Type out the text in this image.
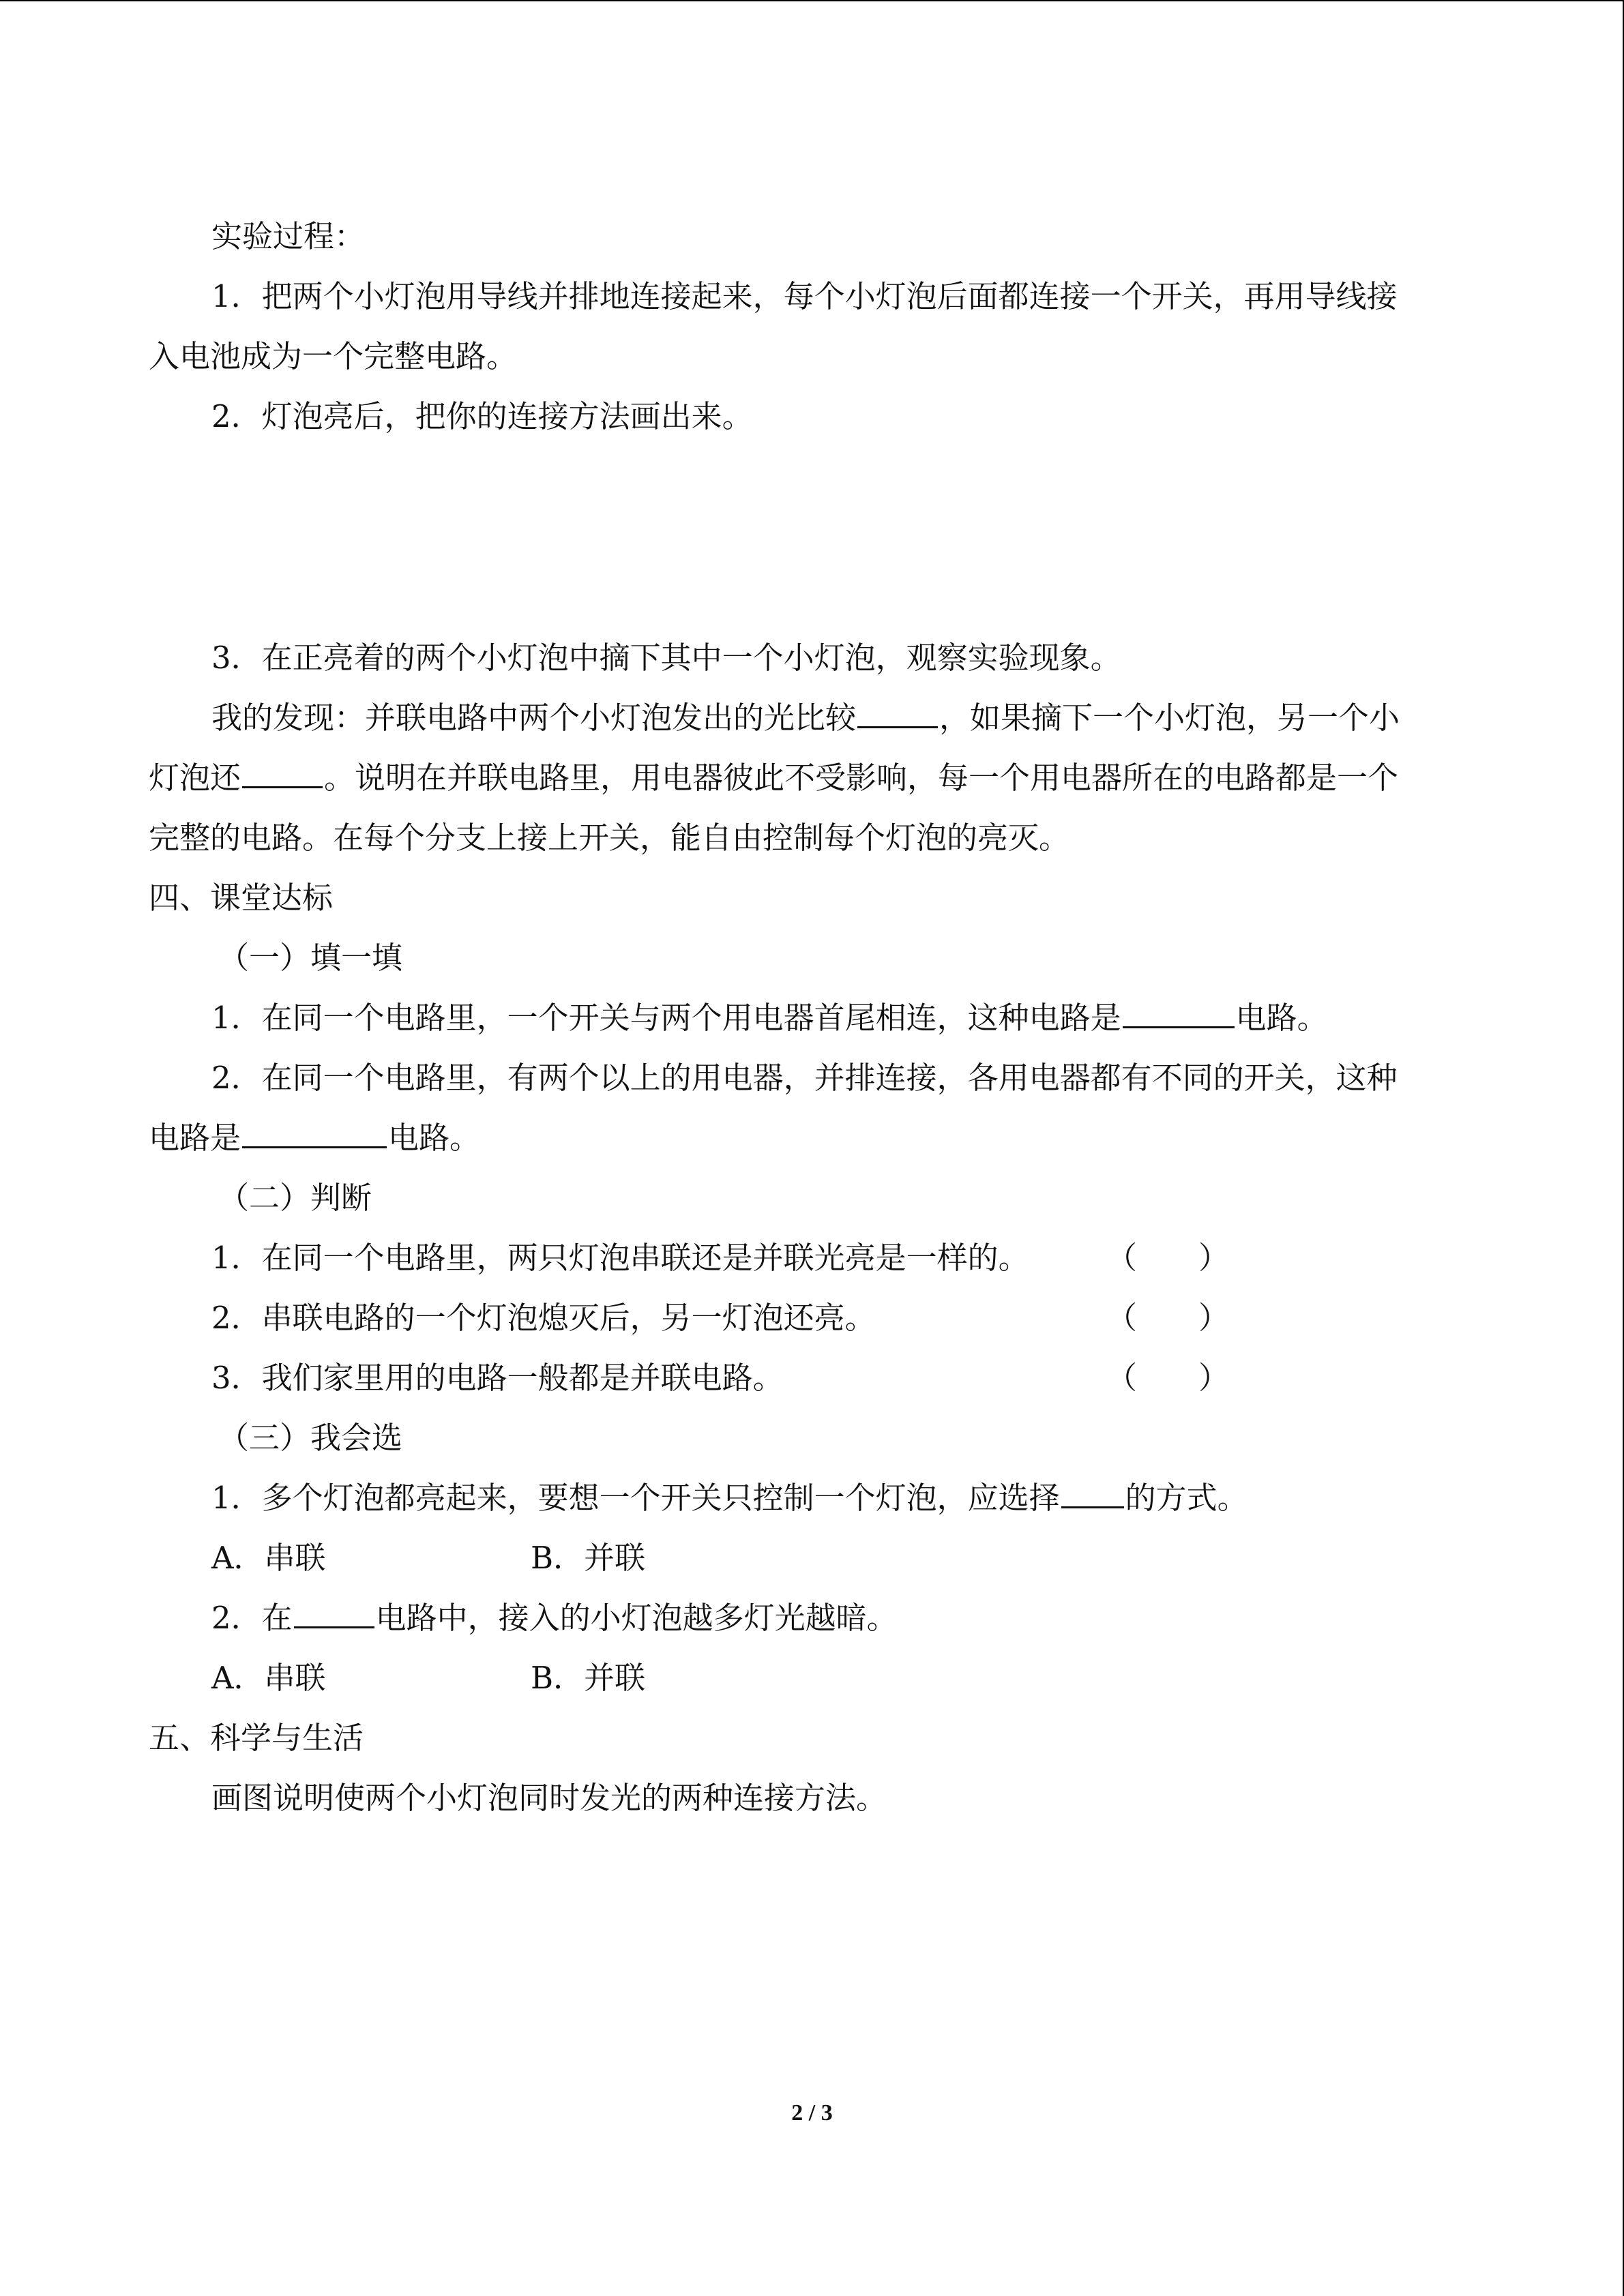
实验过程：

1．把两个小灯泡用导线并排地连接起来，每个小灯泡后面都连接一个开关，再用导线接

入电池成为一个完整电路。

2．灯泡亮后，把你的连接方法画出来。

3．在正亮着的两个小灯泡中摘下其中一个小灯泡，观察实验现象。

我的发现：并联电路中两个小灯泡发出的光比较	，如果摘下一个小灯泡，另一个小

灯泡还	。说明在并联电路里，用电器彼此不受影响，每一个用电器所在的电路都是一个

完整的电路。在每个分支上接上开关，能自由控制每个灯泡的亮灭。

四、课堂达标

（一）填一填

1．在同一个电路里，一个开关与两个用电器首尾相连，这种电路是	电路。

2．在同一个电路里，有两个以上的用电器，并排连接，各用电器都有不同的开关，这种

电路是	电路。

（二）判断

1．在同一个电路里，两只灯泡串联还是并联光亮是一样的。	（　　）

2．串联电路的一个灯泡熄灭后，另一灯泡还亮。	（　　）

3．我们家里用的电路一般都是并联电路。	（　　）

（三）我会选

1．多个灯泡都亮起来，要想一个开关只控制一个灯泡，应选择 的方式。

A．串联	B．并联

2．在	电路中，接入的小灯泡越多灯光越暗。

A．串联	B．并联

五、科学与生活

画图说明使两个小灯泡同时发光的两种连接方法。

2 / 3
